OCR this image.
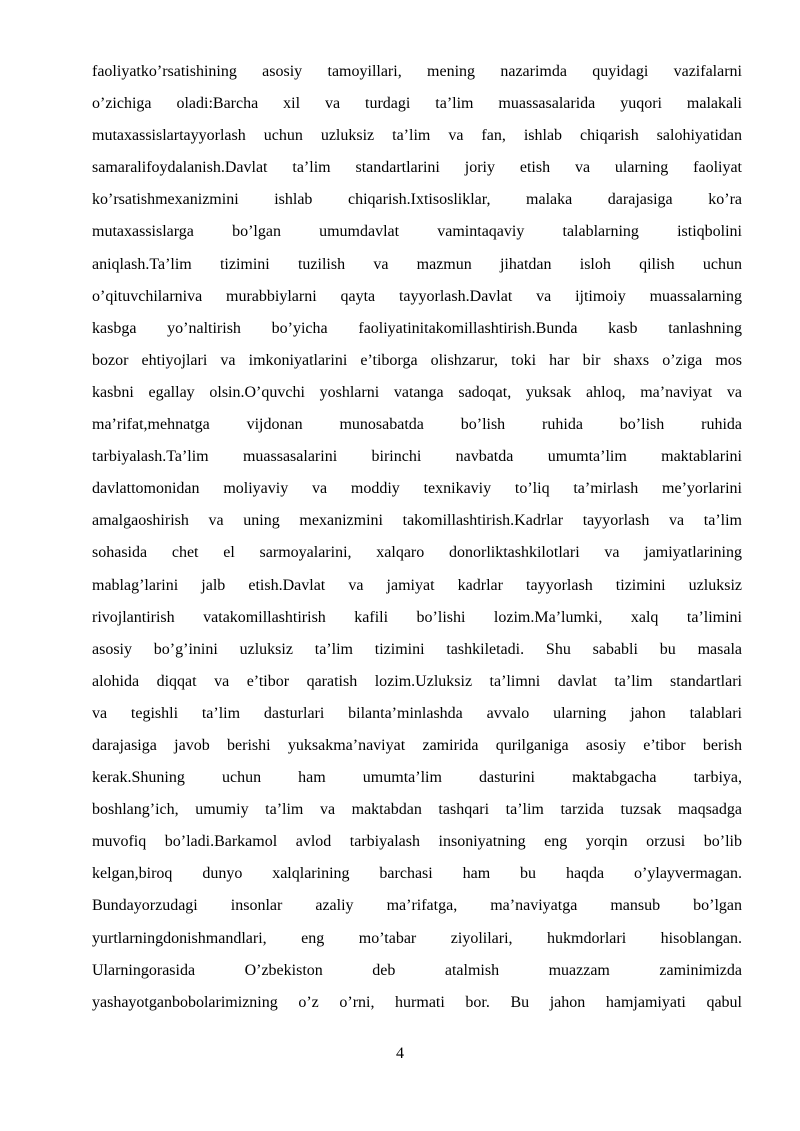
faoliyatko’rsatishining asosiy tamoyillari, mening nazarimda quyidagi vazifalarni
o’zichiga oladi:Barcha xil va turdagi ta’lim muassasalarida yuqori malakali
mutaxassislartayyorlash uchun uzluksiz ta’lim va fan, ishlab chiqarish salohiyatidan
samaralifoydalanish.Davlat ta’lim standartlarini joriy etish va ularning faoliyat
ko’rsatishmexanizmini ishlab chiqarish.Ixtisosliklar, malaka darajasiga ko’ra
mutaxassislarga bo’lgan umumdavlat vamintaqaviy talablarning istiqbolini
aniqlash.Ta’lim tizimini tuzilish va mazmun jihatdan isloh qilish uchun
o’qituvchilarniva murabbiylarni qayta tayyorlash.Davlat va ijtimoiy muassalarning
kasbga yo’naltirish bo’yicha faoliyatinitakomillashtirish.Bunda kasb tanlashning
bozor ehtiyojlari va imkoniyatlarini e’tiborga olishzarur, toki har bir shaxs o’ziga mos
kasbni egallay olsin.O’quvchi yoshlarni vatanga sadoqat, yuksak ahloq, ma’naviyat va
ma’rifat,mehnatga vijdonan munosabatda bo’lish ruhida bo’lish ruhida
tarbiyalash.Ta’lim muassasalarini birinchi navbatda umumta’lim maktablarini
davlattomonidan moliyaviy va moddiy texnikaviy to’liq ta’mirlash me’yorlarini
amalgaoshirish va uning mexanizmini takomillashtirish.Kadrlar tayyorlash va ta’lim
sohasida chet el sarmoyalarini, xalqaro donorliktashkilotlari va jamiyatlarining
mablag’larini jalb etish.Davlat va jamiyat kadrlar tayyorlash tizimini uzluksiz
rivojlantirish vatakomillashtirish kafili bo’lishi lozim.Ma’lumki, xalq ta’limini
asosiy bo’g’inini uzluksiz ta’lim tizimini tashkiletadi. Shu sababli bu masala
alohida diqqat va e’tibor qaratish lozim.Uzluksiz ta’limni davlat ta’lim standartlari
va tegishli ta’lim dasturlari bilanta’minlashda avvalo ularning jahon talablari
darajasiga javob berishi yuksakma’naviyat zamirida qurilganiga asosiy e’tibor berish
kerak.Shuning uchun ham umumta’lim dasturini maktabgacha tarbiya,
boshlang’ich, umumiy ta’lim va maktabdan tashqari ta’lim tarzida tuzsak maqsadga
muvofiq bo’ladi.Barkamol avlod tarbiyalash insoniyatning eng yorqin orzusi bo’lib
kelgan,biroq dunyo xalqlarining barchasi ham bu haqda o’ylayvermagan.
Bundayorzudagi insonlar azaliy ma’rifatga, ma’naviyatga mansub bo’lgan
yurtlarningdonishmandlari, eng mo’tabar ziyolilari, hukmdorlari hisoblangan.
Ularningorasida O’zbekiston deb atalmish muazzam zaminimizda
yashayotganbobolarimizning o’z o’rni, hurmati bor. Bu jahon hamjamiyati qabul
4
